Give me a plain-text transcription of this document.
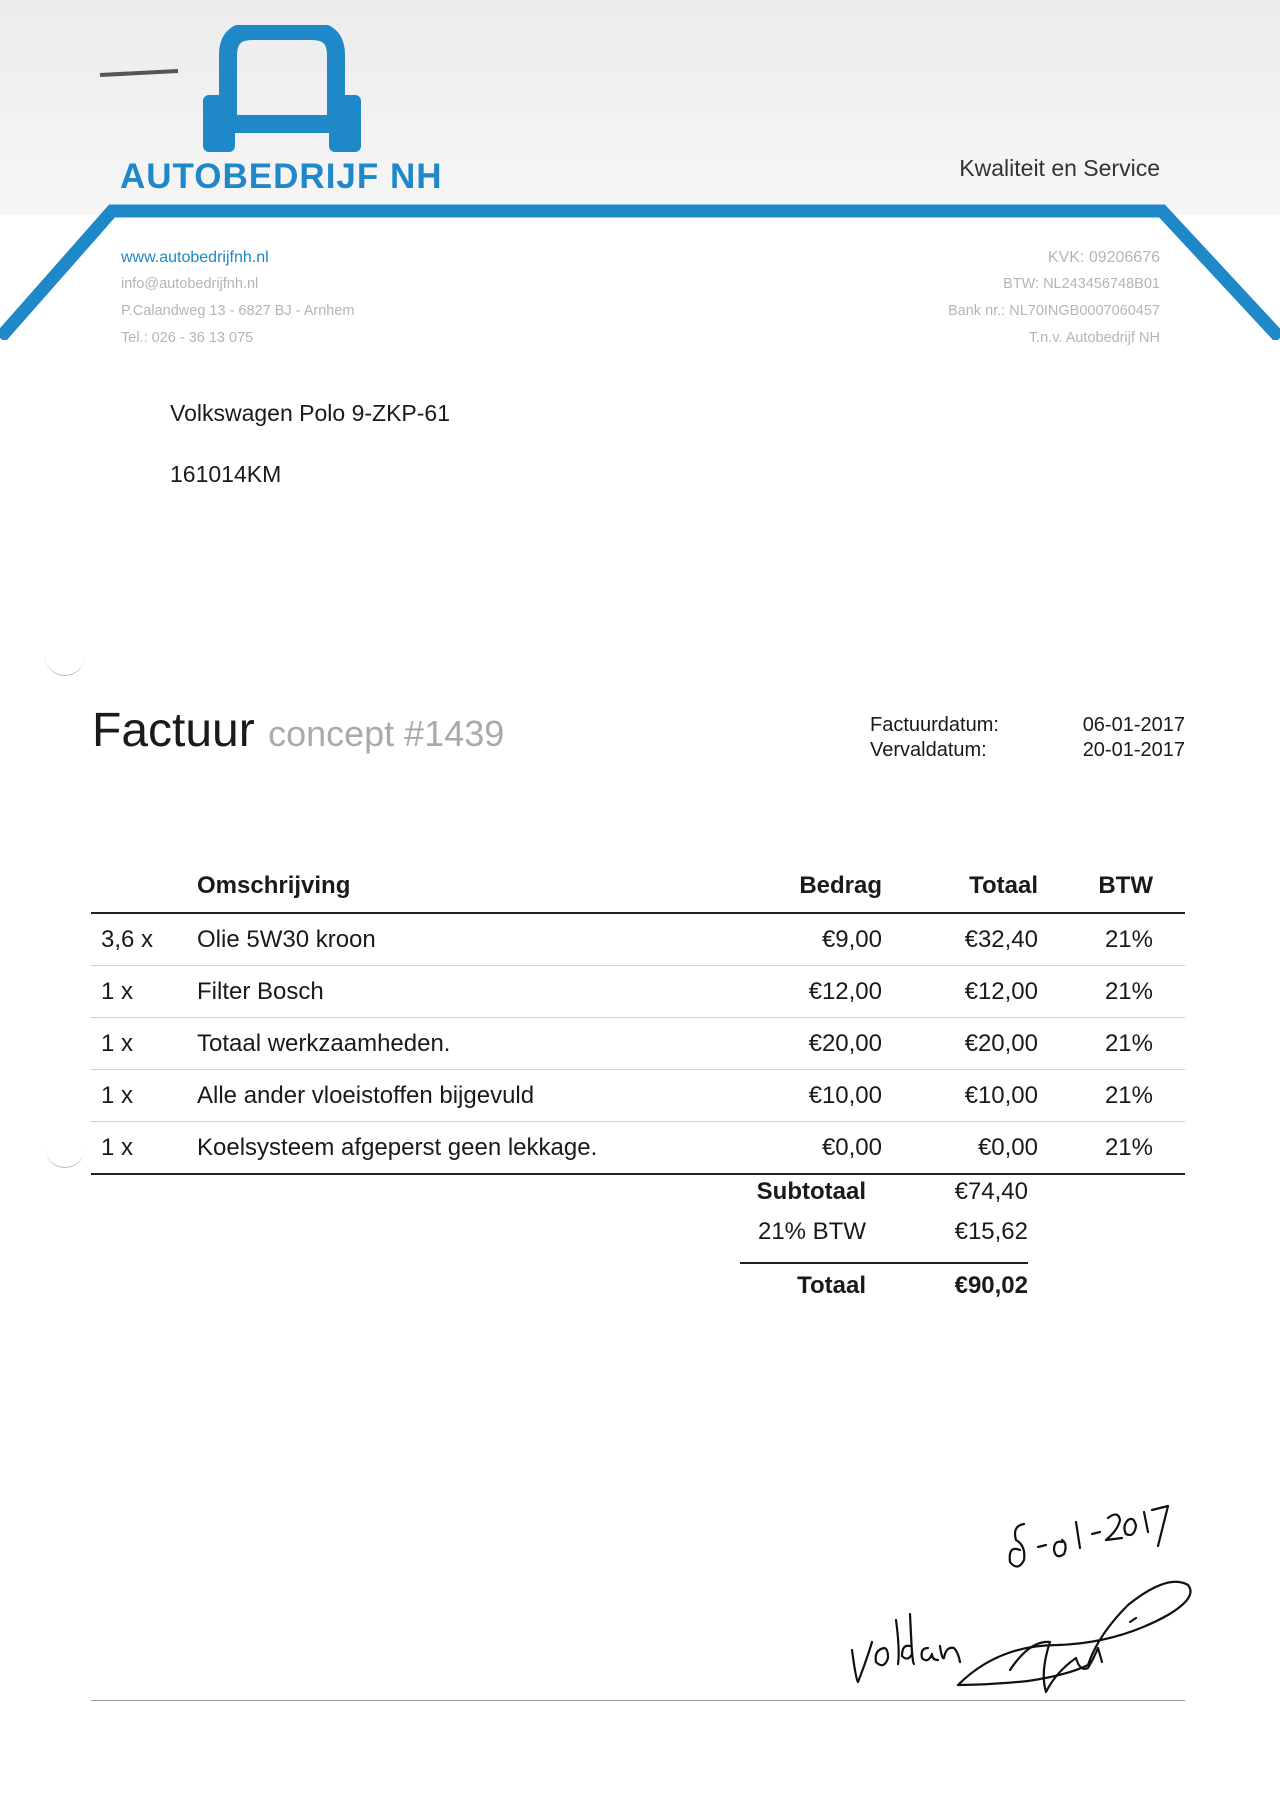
AUTOBEDRIJF NH	Kwaliteit en Service
www.autobedrijfnh.nl
info@autobedrijfnh.nl
P.Calandweg 13 - 6827 BJ - Arnhem
Tel.: 026 - 36 13 075
KVK: 09206676
BTW: NL243456748B01
Bank nr.: NL70INGB0007060457
T.n.v. Autobedrijf NH
Volkswagen Polo 9-ZKP-61
161014KM
Factuur concept #1439	Factuurdatum:	06-01-2017
Vervaldatum:	20-01-2017
	Omschrijving	Bedrag	Totaal	BTW
3,6 x	Olie 5W30 kroon	€9,00	€32,40	21%
1 x	Filter Bosch	€12,00	€12,00	21%
1 x	Totaal werkzaamheden.	€20,00	€20,00	21%
1 x	Alle ander vloeistoffen bijgevuld	€10,00	€10,00	21%
1 x	Koelsysteem afgeperst geen lekkage.	€0,00	€0,00	21%
Subtotaal	€74,40
21% BTW	€15,62
Totaal	€90,02
